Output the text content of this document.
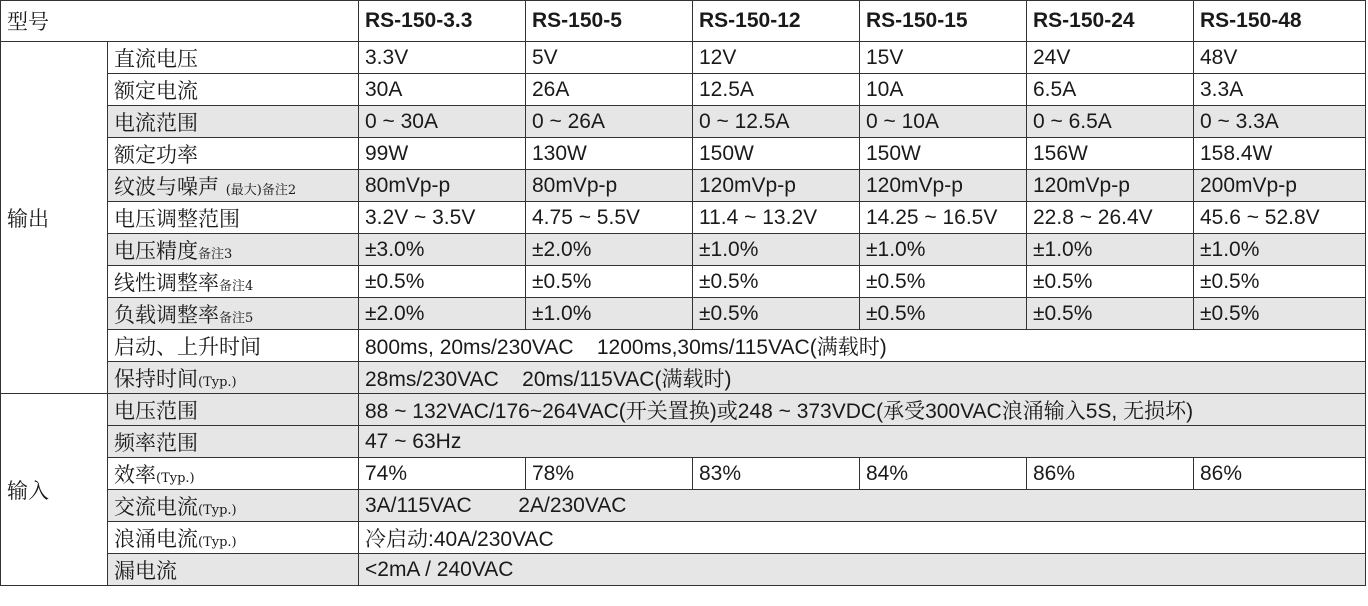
型号		RS-150-3.3	RS-150-5	RS-150-12	RS-150-15	RS-150-24	RS-150-48
输出	直流电压	3.3V	5V	12V	15V	24V	48V
	额定电流	30A	26A	12.5A	10A	6.5A	3.3A
	电流范围	0 ~ 30A	0 ~ 26A	0 ~ 12.5A	0 ~ 10A	0 ~ 6.5A	0 ~ 3.3A
	额定功率	99W	130W	150W	150W	156W	158.4W
	纹波与噪声 (最大)备注2	80mVp-p	80mVp-p	120mVp-p	120mVp-p	120mVp-p	200mVp-p
	电压调整范围	3.2V ~ 3.5V	4.75 ~ 5.5V	11.4 ~ 13.2V	14.25 ~ 16.5V	22.8 ~ 26.4V	45.6 ~ 52.8V
	电压精度备注3	±3.0%	±2.0%	±1.0%	±1.0%	±1.0%	±1.0%
	线性调整率备注4	±0.5%	±0.5%	±0.5%	±0.5%	±0.5%	±0.5%
	负载调整率备注5	±2.0%	±1.0%	±0.5%	±0.5%	±0.5%	±0.5%
	启动、上升时间	800ms, 20ms/230VAC    1200ms,30ms/115VAC(满载时)					
	保持时间(Typ.)	28ms/230VAC    20ms/115VAC(满载时)					
输入	电压范围	88 ~ 132VAC/176~264VAC(开关置换)或248 ~ 373VDC(承受300VAC浪涌输入5S, 无损坏)					
	频率范围	47 ~ 63Hz					
	效率(Typ.)	74%	78%	83%	84%	86%	86%
	交流电流(Typ.)	3A/115VAC        2A/230VAC					
	浪涌电流(Typ.)	冷启动:40A/230VAC					
	漏电流	<2mA / 240VAC					
